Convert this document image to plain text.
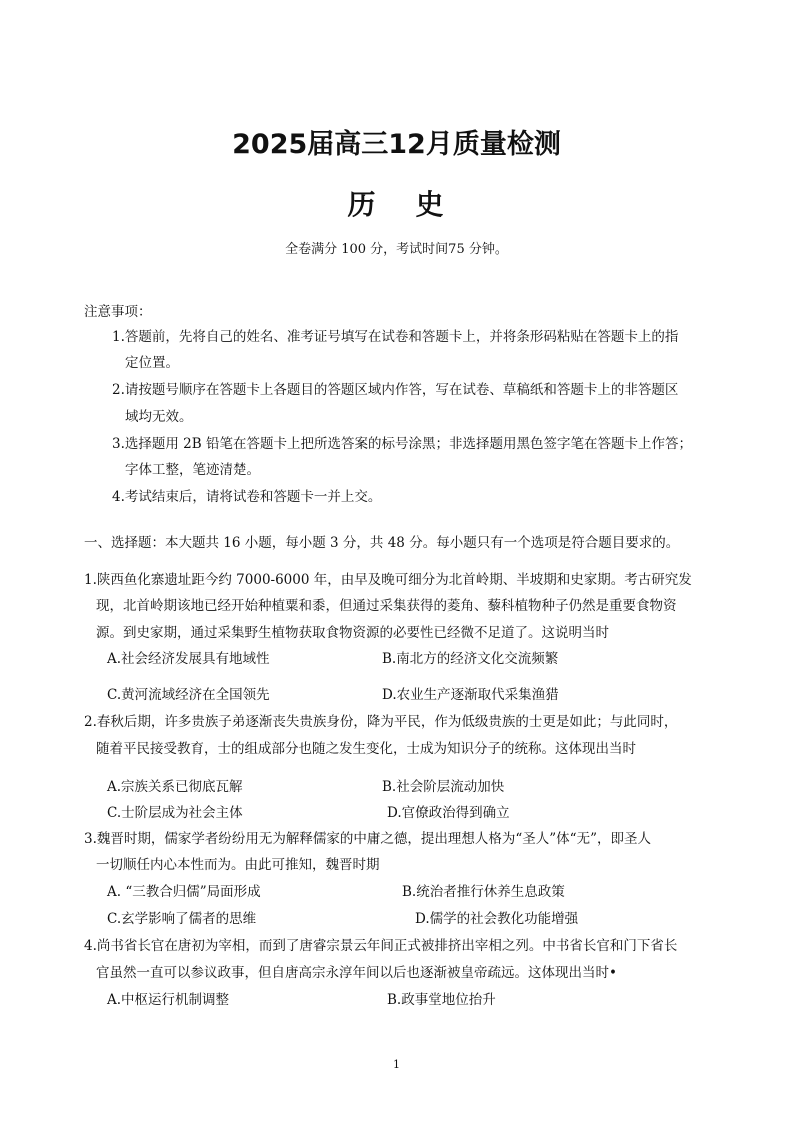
2025届高三12月质量检测
历 史
全卷满分 100 分，考试时间75 分钟。
注意事项：
1.答题前，先将自己的姓名、准考证号填写在试卷和答题卡上，并将条形码粘贴在答题卡上的指
定位置。
2.请按题号顺序在答题卡上各题目的答题区域内作答，写在试卷、草稿纸和答题卡上的非答题区
域均无效。
3.选择题用 2B 铅笔在答题卡上把所选答案的标号涂黑；非选择题用黑色签字笔在答题卡上作答；
字体工整，笔迹清楚。
4.考试结束后，请将试卷和答题卡一并上交。
一、选择题：本大题共 16 小题，每小题 3 分，共 48 分。每小题只有一个选项是符合题目要求的。
1.陕西鱼化寨遗址距今约 7000-6000 年，由早及晚可细分为北首岭期、半坡期和史家期。考古研究发
现，北首岭期该地已经开始种植粟和黍，但通过采集获得的菱角、藜科植物种子仍然是重要食物资
源。到史家期，通过采集野生植物获取食物资源的必要性已经微不足道了。这说明当时
A.社会经济发展具有地域性	B.南北方的经济文化交流频繁
C.黄河流域经济在全国领先	D.农业生产逐渐取代采集渔猎
2.春秋后期，许多贵族子弟逐渐丧失贵族身份，降为平民，作为低级贵族的士更是如此；与此同时，
随着平民接受教育，士的组成部分也随之发生变化，士成为知识分子的统称。这体现出当时
A.宗族关系已彻底瓦解	B.社会阶层流动加快
C.士阶层成为社会主体	D.官僚政治得到确立
3.魏晋时期，儒家学者纷纷用无为解释儒家的中庸之德，提出理想人格为“圣人”体“无”，即圣人
一切顺任内心本性而为。由此可推知，魏晋时期
A. “三教合归儒”局面形成	B.统治者推行休养生息政策
C.玄学影响了儒者的思维	D.儒学的社会教化功能增强
4.尚书省长官在唐初为宰相，而到了唐睿宗景云年间正式被排挤出宰相之列。中书省长官和门下省长
官虽然一直可以参议政事，但自唐高宗永淳年间以后也逐渐被皇帝疏远。这体现出当时•
A.中枢运行机制调整	B.政事堂地位抬升
1
